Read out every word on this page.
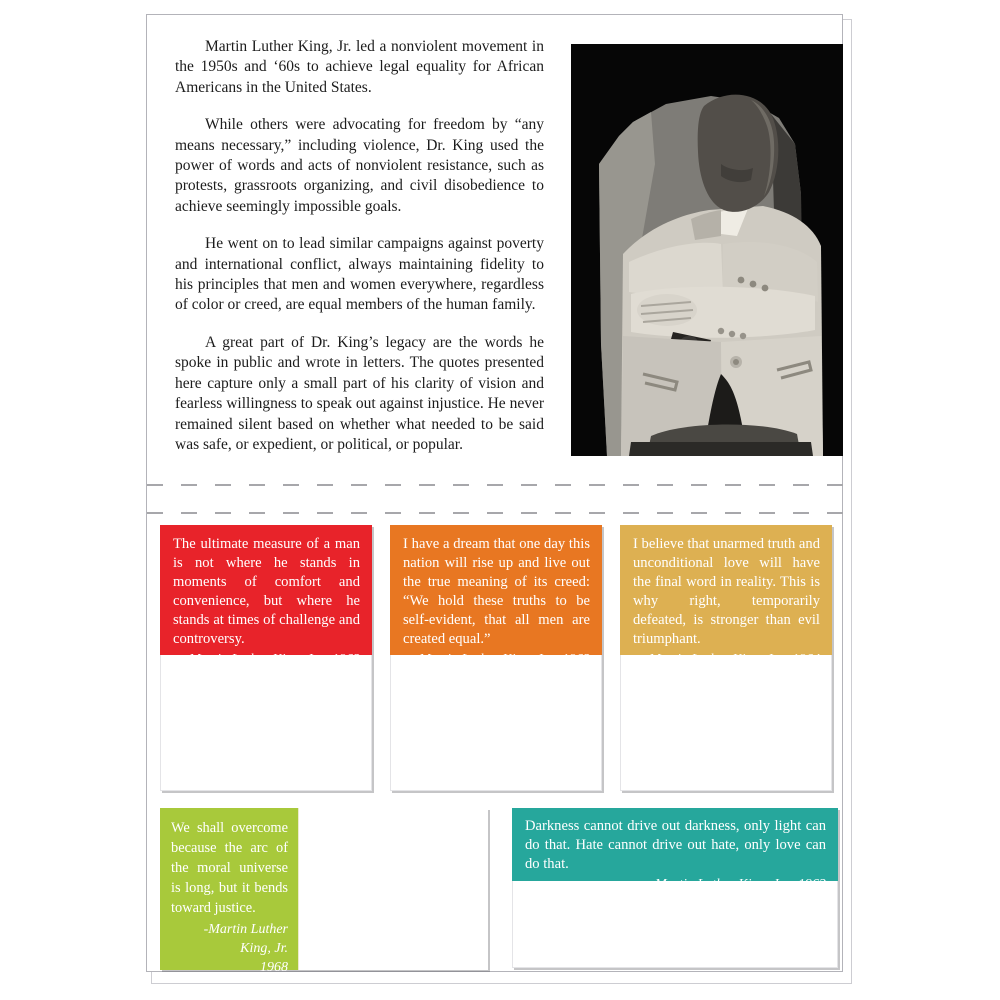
Martin Luther King, Jr. led a nonviolent movement in the 1950s and ‘60s to achieve legal equality for African Americans in the United States.

While others were advocating for freedom by “any means necessary,” including violence, Dr. King used the power of words and acts of nonviolent resistance, such as protests, grassroots organizing, and civil disobedience to achieve seemingly impossible goals.

He went on to lead similar campaigns against poverty and international conflict, always maintaining fidelity to his principles that men and women everywhere, regardless of color or creed, are equal members of the human family.

A great part of Dr. King’s legacy are the words he spoke in public and wrote in letters. The quotes presented here capture only a small part of his clarity of vision and fearless willingness to speak out against injustice. He never remained silent based on whether what needed to be said was safe, or expedient, or political, or popular.

The ultimate measure of a man is not where he stands in moments of comfort and convenience, but where he stands at times of challenge and controversy.
-Martin Luther King, Jr. • 1963
I have a dream that one day this nation will rise up and live out the true meaning of its creed: “We hold these truths to be self-evident, that all men are created equal.”
-Martin Luther King, Jr. • 1963
I believe that unarmed truth and unconditional love will have the final word in reality. This is why right, temporarily defeated, is stronger than evil triumphant.
-Martin Luther King, Jr. • 1964
We shall overcome because the arc of the moral universe is long, but it bends toward justice.
-Martin Luther
King, Jr.
1968
Darkness cannot drive out darkness, only light can do that. Hate cannot drive out hate, only love can do that.
-Martin Luther King, Jr. • 1963
